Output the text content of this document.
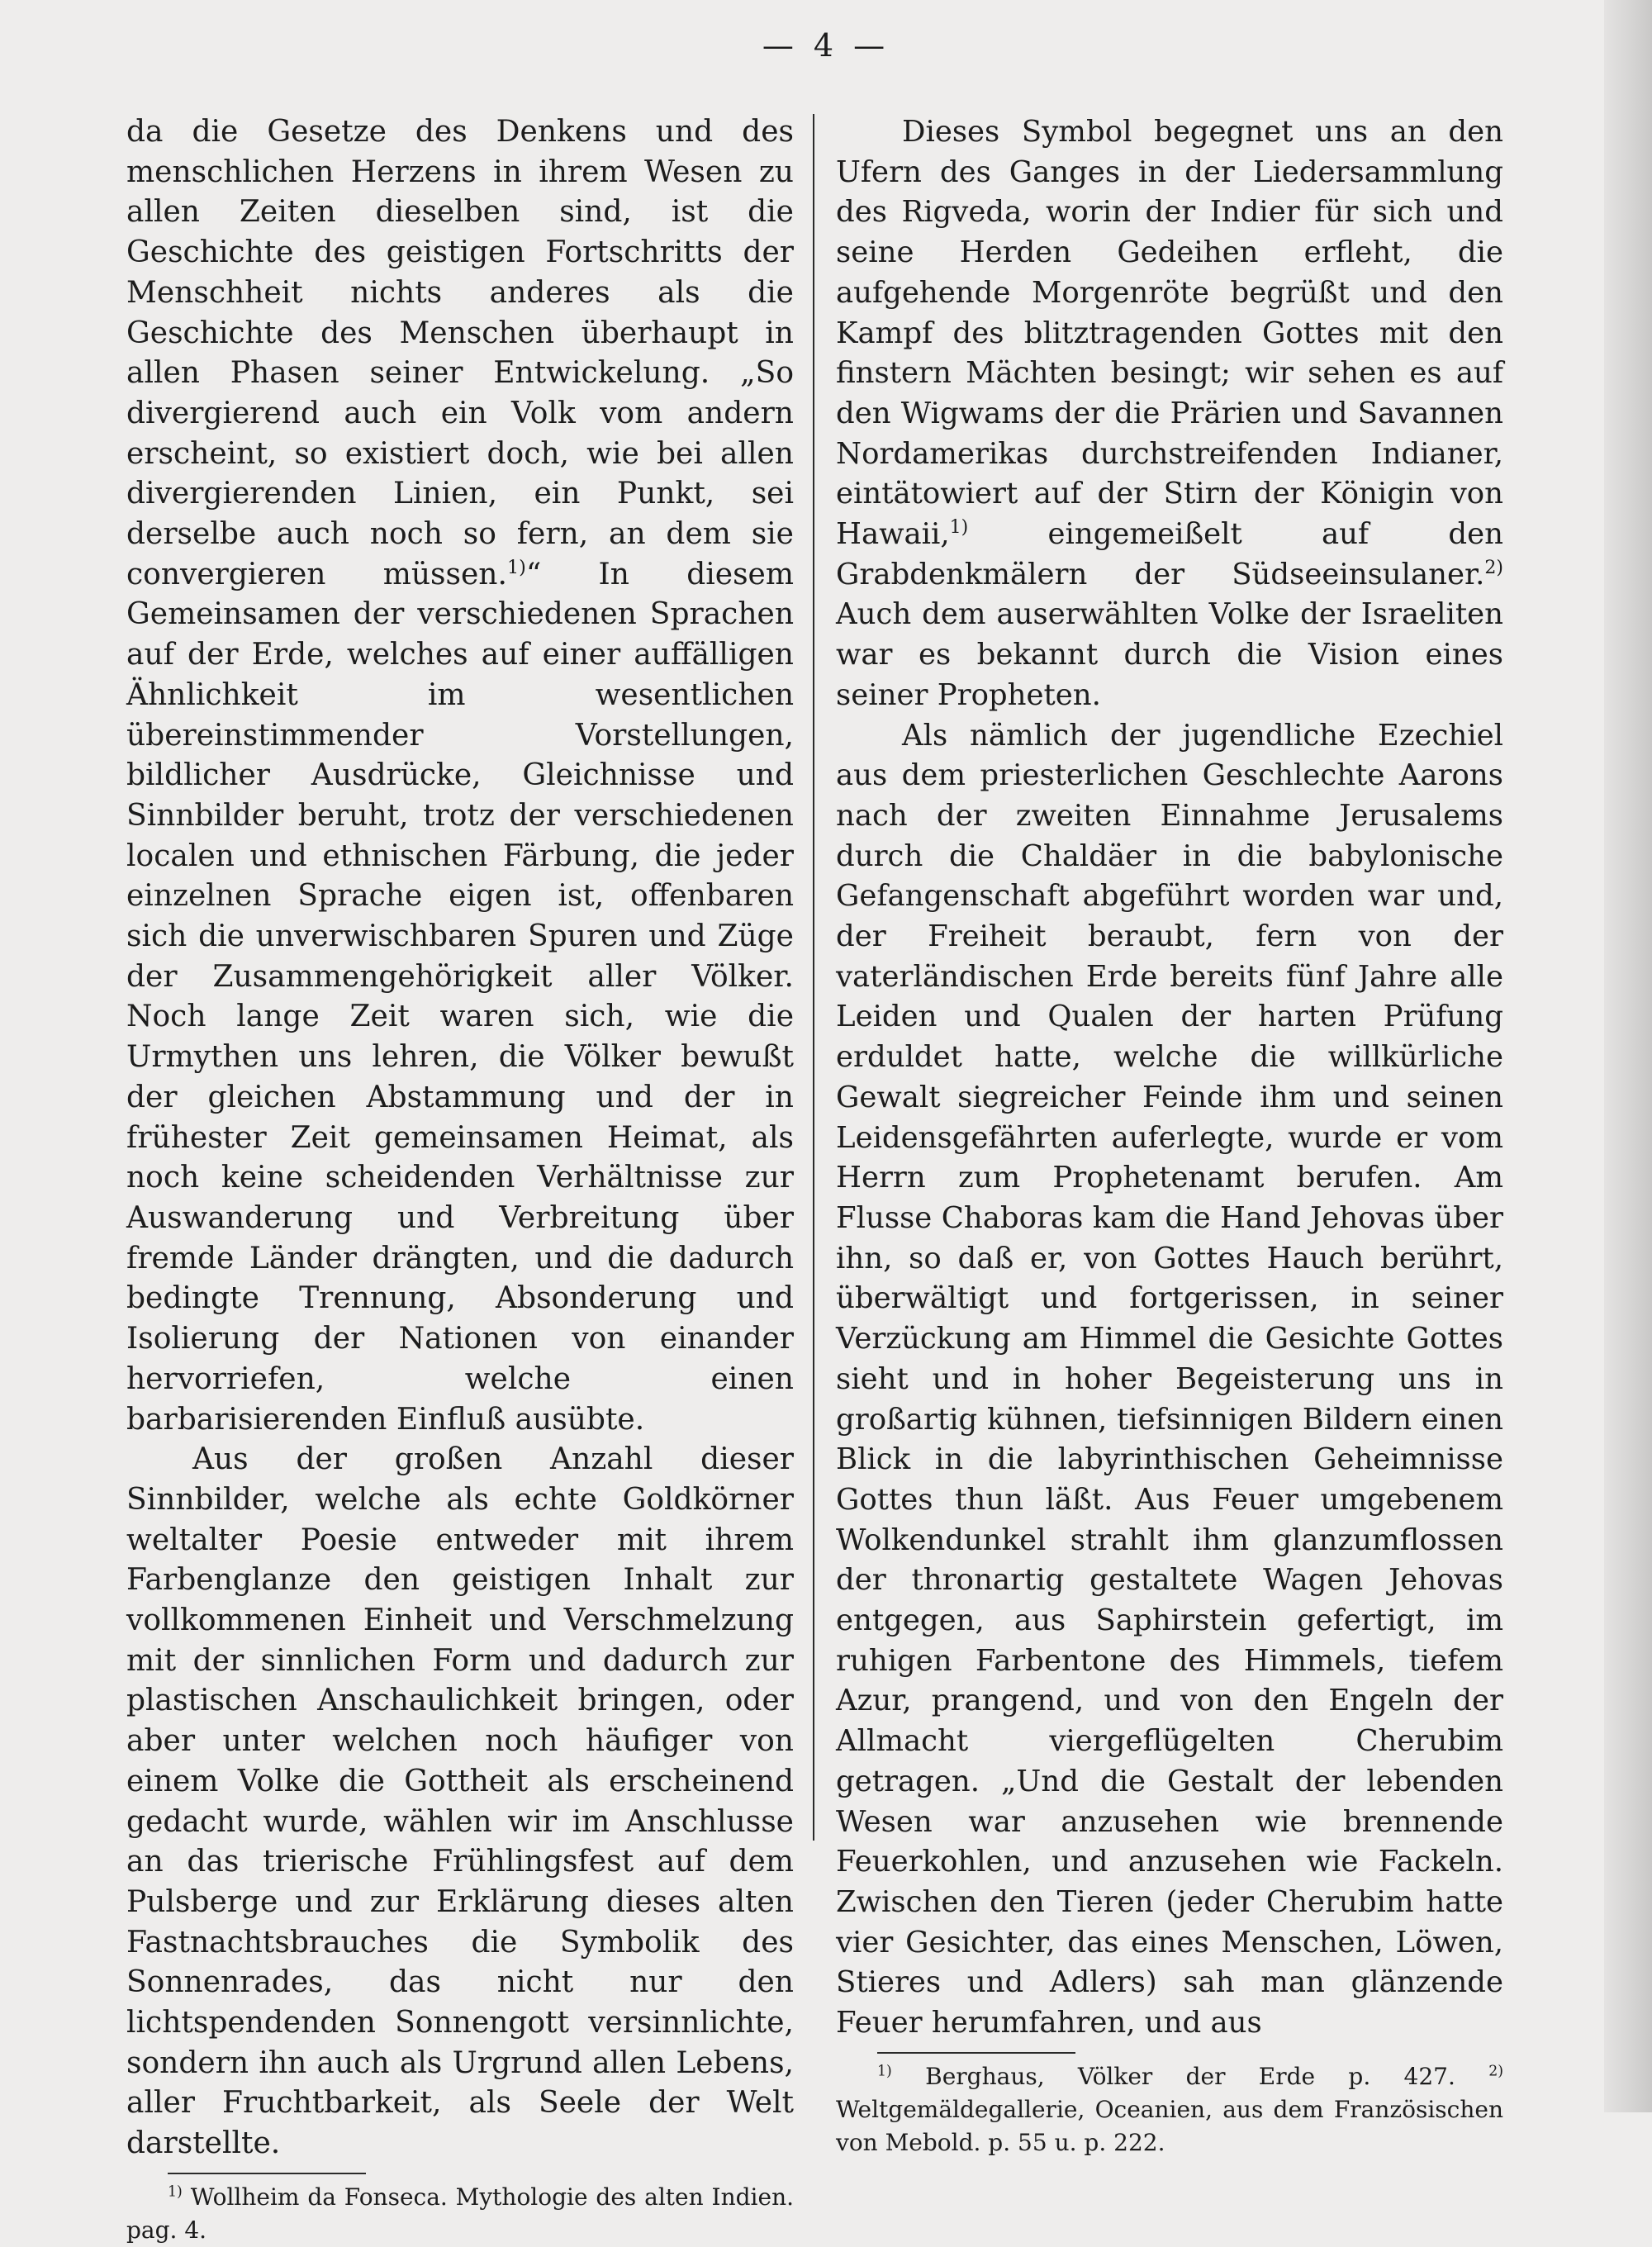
— 4 —

da die Gesetze des Denkens und des menschlichen Herzens in ihrem Wesen zu allen Zeiten dieselben sind, ist die Geschichte des geistigen Fortschritts der Menschheit nichts anderes als die Geschichte des Menschen überhaupt in allen Phasen seiner Entwickelung. „So divergierend auch ein Volk vom andern erscheint, so existiert doch, wie bei allen divergierenden Linien, ein Punkt, sei derselbe auch noch so fern, an dem sie convergieren müssen.$^{1)}$“ In diesem Gemeinsamen der verschiedenen Sprachen auf der Erde, welches auf einer auffälligen Ähnlichkeit im wesentlichen übereinstimmender Vorstellungen, bildlicher Ausdrücke, Gleichnisse und Sinnbilder beruht, trotz der verschiedenen localen und ethnischen Färbung, die jeder einzelnen Sprache eigen ist, offenbaren sich die unverwischbaren Spuren und Züge der Zusammengehörigkeit aller Völker. Noch lange Zeit waren sich, wie die Urmythen uns lehren, die Völker bewußt der gleichen Abstammung und der in frühester Zeit gemeinsamen Heimat, als noch keine scheidenden Verhältnisse zur Auswanderung und Verbreitung über fremde Länder drängten, und die dadurch bedingte Trennung, Absonderung und Isolierung der Nationen von einander hervorriefen, welche einen barbarisierenden Einfluß ausübte.

Aus der großen Anzahl dieser Sinnbilder, welche als echte Goldkörner weltalter Poesie entweder mit ihrem Farbenglanze den geistigen Inhalt zur vollkommenen Einheit und Verschmelzung mit der sinnlichen Form und dadurch zur plastischen Anschaulichkeit bringen, oder aber unter welchen noch häufiger von einem Volke die Gottheit als erscheinend gedacht wurde, wählen wir im Anschlusse an das trierische Frühlingsfest auf dem Pulsberge und zur Erklärung dieses alten Fastnachtsbrauches die Symbolik des Sonnenrades, das nicht nur den lichtspendenden Sonnengott versinnlichte, sondern ihn auch als Urgrund allen Lebens, aller Fruchtbarkeit, als Seele der Welt darstellte.

$^{1)}$ Wollheim da Fonseca. Mythologie des alten Indien. pag. 4.

Dieses Symbol begegnet uns an den Ufern des Ganges in der Liedersammlung des Rigveda, worin der Indier für sich und seine Herden Gedeihen erfleht, die aufgehende Morgenröte begrüßt und den Kampf des blitztragenden Gottes mit den finstern Mächten besingt; wir sehen es auf den Wigwams der die Prärien und Savannen Nordamerikas durchstreifenden Indianer, eintätowiert auf der Stirn der Königin von Hawaii,$^{1)}$ eingemeißelt auf den Grabdenkmälern der Südseeinsulaner.$^{2)}$ Auch dem auserwählten Volke der Israeliten war es bekannt durch die Vision eines seiner Propheten.

Als nämlich der jugendliche Ezechiel aus dem priesterlichen Geschlechte Aarons nach der zweiten Einnahme Jerusalems durch die Chaldäer in die babylonische Gefangenschaft abgeführt worden war und, der Freiheit beraubt, fern von der vaterländischen Erde bereits fünf Jahre alle Leiden und Qualen der harten Prüfung erduldet hatte, welche die willkürliche Gewalt siegreicher Feinde ihm und seinen Leidensgefährten auferlegte, wurde er vom Herrn zum Prophetenamt berufen. Am Flusse Chaboras kam die Hand Jehovas über ihn, so daß er, von Gottes Hauch berührt, überwältigt und fortgerissen, in seiner Verzückung am Himmel die Gesichte Gottes sieht und in hoher Begeisterung uns in großartig kühnen, tiefsinnigen Bildern einen Blick in die labyrinthischen Geheimnisse Gottes thun läßt. Aus Feuer umgebenem Wolkendunkel strahlt ihm glanzumflossen der thronartig gestaltete Wagen Jehovas entgegen, aus Saphirstein gefertigt, im ruhigen Farbentone des Himmels, tiefem Azur, prangend, und von den Engeln der Allmacht viergeflügelten Cherubim getragen. „Und die Gestalt der lebenden Wesen war anzusehen wie brennende Feuerkohlen, und anzusehen wie Fackeln. Zwischen den Tieren (jeder Cherubim hatte vier Gesichter, das eines Menschen, Löwen, Stieres und Adlers) sah man glänzende Feuer herumfahren, und aus

$^{1)}$ Berghaus, Völker der Erde p. 427. $^{2)}$ Weltgemäldegallerie, Oceanien, aus dem Französischen von Mebold. p. 55 u. p. 222.
